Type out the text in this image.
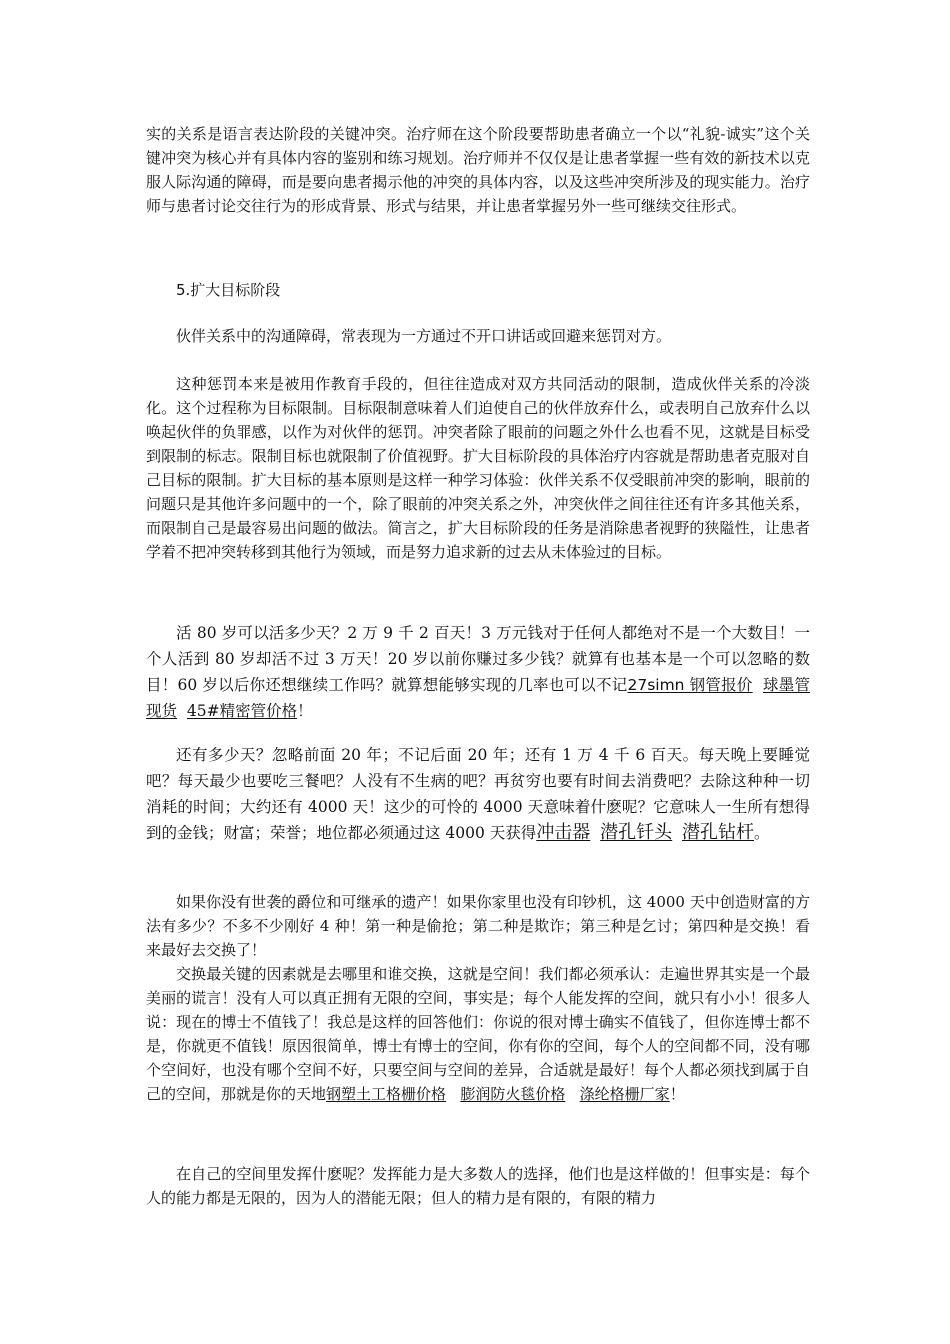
实的关系是语言表达阶段的关键冲突。治疗师在这个阶段要帮助患者确立一个以“礼貌-诚实”这个关键冲突为核心并有具体内容的鉴别和练习规划。治疗师并不仅仅是让患者掌握一些有效的新技术以克服人际沟通的障碍，而是要向患者揭示他的冲突的具体内容，以及这些冲突所涉及的现实能力。治疗师与患者讨论交往行为的形成背景、形式与结果，并让患者掌握另外一些可继续交往形式。

5.扩大目标阶段

伙伴关系中的沟通障碍，常表现为一方通过不开口讲话或回避来惩罚对方。

这种惩罚本来是被用作教育手段的，但往往造成对双方共同活动的限制，造成伙伴关系的冷淡化。这个过程称为目标限制。目标限制意味着人们迫使自己的伙伴放弃什么，或表明自己放弃什么以唤起伙伴的负罪感，以作为对伙伴的惩罚。冲突者除了眼前的问题之外什么也看不见，这就是目标受到限制的标志。限制目标也就限制了价值视野。扩大目标阶段的具体治疗内容就是帮助患者克服对自己目标的限制。扩大目标的基本原则是这样一种学习体验：伙伴关系不仅受眼前冲突的影响，眼前的问题只是其他许多问题中的一个，除了眼前的冲突关系之外，冲突伙伴之间往往还有许多其他关系，而限制自己是最容易出问题的做法。简言之，扩大目标阶段的任务是消除患者视野的狭隘性，让患者学着不把冲突转移到其他行为领域，而是努力追求新的过去从未体验过的目标。

活 80 岁可以活多少天？2 万 9 千 2 百天！3 万元钱对于任何人都绝对不是一个大数目！一个人活到 80 岁却活不过 3 万天！20 岁以前你赚过多少钱？就算有也基本是一个可以忽略的数目！60 岁以后你还想继续工作吗？就算想能够实现的几率也可以不记27simn 钢管报价 球墨管现货 45#精密管价格！

还有多少天？忽略前面 20 年；不记后面 20 年；还有 1 万 4 千 6 百天。每天晚上要睡觉吧？每天最少也要吃三餐吧？人没有不生病的吧？再贫穷也要有时间去消费吧？去除这种种一切消耗的时间；大约还有 4000 天！这少的可怜的 4000 天意味着什麽呢？它意味人一生所有想得到的金钱；财富；荣誉；地位都必须通过这 4000 天获得冲击器 潜孔钎头 潜孔钻杆。

如果你没有世袭的爵位和可继承的遗产！如果你家里也没有印钞机，这 4000 天中创造财富的方法有多少？不多不少刚好 4 种！第一种是偷抢；第二种是欺诈；第三种是乞讨；第四种是交换！看来最好去交换了！

交换最关键的因素就是去哪里和谁交换，这就是空间！我们都必须承认：走遍世界其实是一个最美丽的谎言！没有人可以真正拥有无限的空间，事实是；每个人能发挥的空间，就只有小小！很多人说：现在的博士不值钱了！我总是这样的回答他们：你说的很对博士确实不值钱了，但你连博士都不是，你就更不值钱！原因很简单，博士有博士的空间，你有你的空间，每个人的空间都不同，没有哪个空间好，也没有哪个空间不好，只要空间与空间的差异，合适就是最好！每个人都必须找到属于自己的空间，那就是你的天地钢塑土工格栅价格 膨润防火毯价格 涤纶格栅厂家！

在自己的空间里发挥什麽呢？发挥能力是大多数人的选择，他们也是这样做的！但事实是：每个人的能力都是无限的，因为人的潜能无限；但人的精力是有限的，有限的精力
